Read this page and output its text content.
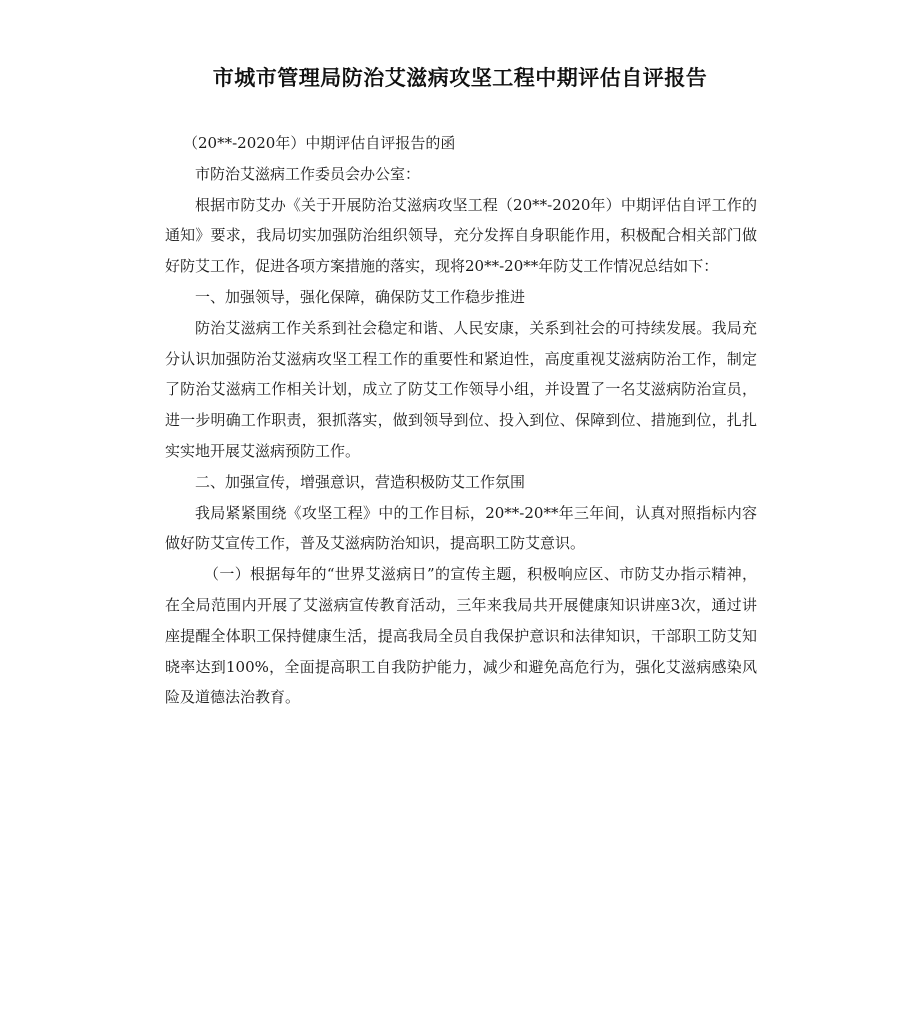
市城市管理局防治艾滋病攻坚工程中期评估自评报告

（20**-2020年）中期评估自评报告的函

市防治艾滋病工作委员会办公室：

根据市防艾办《关于开展防治艾滋病攻坚工程（20**-2020年）中期评估自评工作的通知》要求，我局切实加强防治组织领导，充分发挥自身职能作用，积极配合相关部门做好防艾工作，促进各项方案措施的落实，现将20**-20**年防艾工作情况总结如下：

一、加强领导，强化保障，确保防艾工作稳步推进

防治艾滋病工作关系到社会稳定和谐、人民安康，关系到社会的可持续发展。我局充分认识加强防治艾滋病攻坚工程工作的重要性和紧迫性，高度重视艾滋病防治工作，制定了防治艾滋病工作相关计划，成立了防艾工作领导小组，并设置了一名艾滋病防治宣员，进一步明确工作职责，狠抓落实，做到领导到位、投入到位、保障到位、措施到位，扎扎实实地开展艾滋病预防工作。

二、加强宣传，增强意识，营造积极防艾工作氛围

我局紧紧围绕《攻坚工程》中的工作目标，20**-20**年三年间，认真对照指标内容做好防艾宣传工作，普及艾滋病防治知识，提高职工防艾意识。

（一）根据每年的“世界艾滋病日”的宣传主题，积极响应区、市防艾办指示精神，在全局范围内开展了艾滋病宣传教育活动，三年来我局共开展健康知识讲座3次，通过讲座提醒全体职工保持健康生活，提高我局全员自我保护意识和法律知识，干部职工防艾知晓率达到100%，全面提高职工自我防护能力，减少和避免高危行为，强化艾滋病感染风险及道德法治教育。
